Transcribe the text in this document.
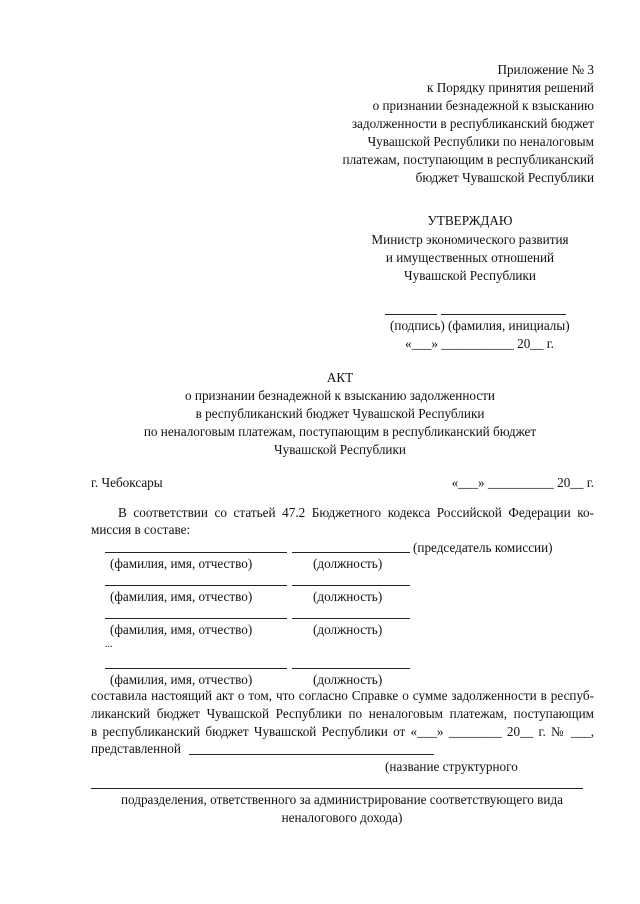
Приложение № 3
к Порядку принятия решений
о признании безнадежной к взысканию
задолженности в республиканский бюджет
Чувашской Республики по неналоговым
платежам, поступающим в республиканский
бюджет Чувашской Республики
УТВЕРЖДАЮ
Министр экономического развития
и имущественных отношений
Чувашской Республики
(подпись) (фамилия, инициалы)
«___» ___________ 20__ г.
АКТ
о признании безнадежной к взысканию задолженности
в республиканский бюджет Чувашской Республики
по неналоговым платежам, поступающим в республиканский бюджет
Чувашской Республики
г. Чебоксары	«___» __________ 20__ г.
В соответствии со статьей 47.2 Бюджетного кодекса Российской Федерации ко-
миссия в составе:
(председатель комиссии)
(фамилия, имя, отчество)	(должность)
(фамилия, имя, отчество)	(должность)
(фамилия, имя, отчество)	(должность)
...
(фамилия, имя, отчество)	(должность)
составила настоящий акт о том, что согласно Справке о сумме задолженности в респуб-
ликанский бюджет Чувашской Республики по неналоговым платежам, поступающим
в республиканский бюджет Чувашской Республики от «___» ________ 20__ г. № ___,
представленной
(название структурного
подразделения, ответственного за администрирование соответствующего вида
неналогового дохода)
